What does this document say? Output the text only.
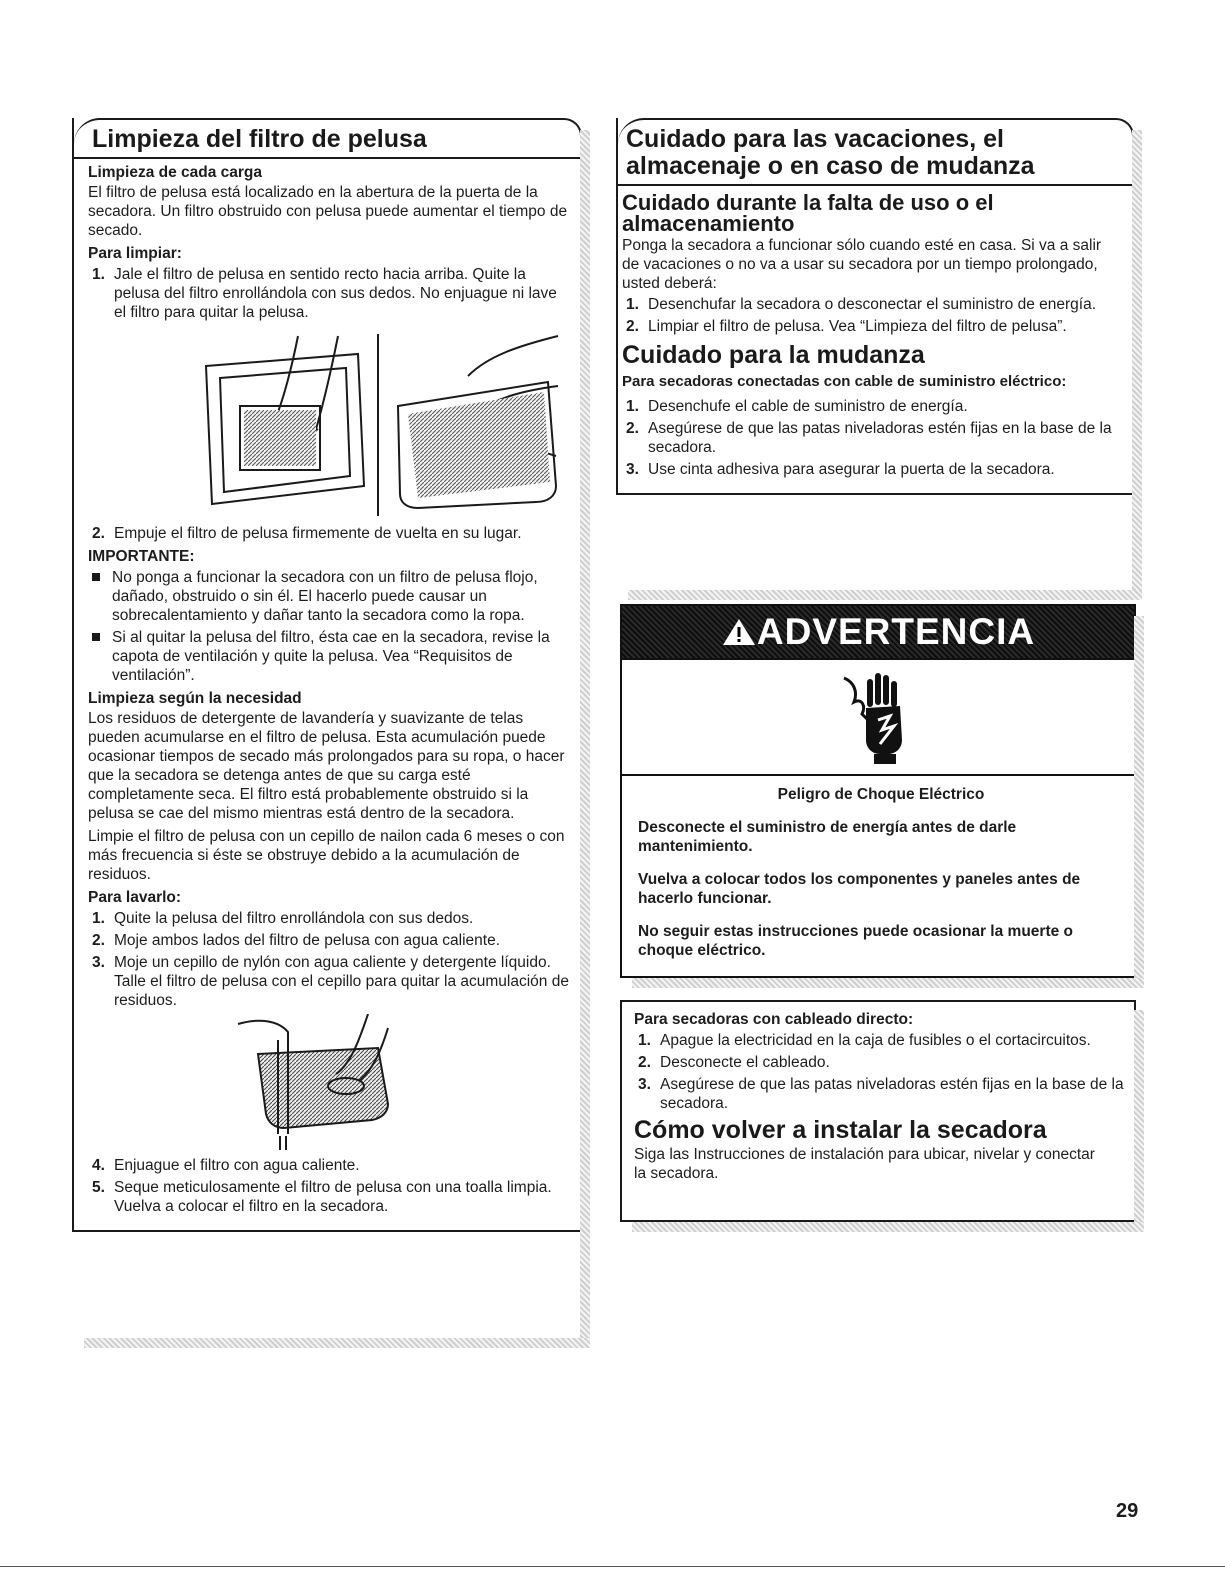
Limpieza del filtro de pelusa
Limpieza de cada carga

El filtro de pelusa está localizado en la abertura de la puerta de la secadora. Un filtro obstruido con pelusa puede aumentar el tiempo de secado.

Para limpiar:
1. Jale el filtro de pelusa en sentido recto hacia arriba. Quite la pelusa del filtro enrollándola con sus dedos. No enjuague ni lave el filtro para quitar la pelusa.
2. Empuje el filtro de pelusa firmemente de vuelta en su lugar.
IMPORTANTE:
No ponga a funcionar la secadora con un filtro de pelusa flojo, dañado, obstruido o sin él. El hacerlo puede causar un sobrecalentamiento y dañar tanto la secadora como la ropa.
Si al quitar la pelusa del filtro, ésta cae en la secadora, revise la capota de ventilación y quite la pelusa. Vea “Requisitos de ventilación”.
Limpieza según la necesidad

Los residuos de detergente de lavandería y suavizante de telas pueden acumularse en el filtro de pelusa. Esta acumulación puede ocasionar tiempos de secado más prolongados para su ropa, o hacer que la secadora se detenga antes de que su carga esté completamente seca. El filtro está probablemente obstruido si la pelusa se cae del mismo mientras está dentro de la secadora.

Limpie el filtro de pelusa con un cepillo de nailon cada 6 meses o con más frecuencia si éste se obstruye debido a la acumulación de residuos.

Para lavarlo:
1. Quite la pelusa del filtro enrollándola con sus dedos.
2. Moje ambos lados del filtro de pelusa con agua caliente.
3. Moje un cepillo de nylón con agua caliente y detergente líquido. Talle el filtro de pelusa con el cepillo para quitar la acumulación de residuos.
4. Enjuague el filtro con agua caliente.
5. Seque meticulosamente el filtro de pelusa con una toalla limpia. Vuelva a colocar el filtro en la secadora.
Cuidado para las vacaciones, el almacenaje o en caso de mudanza
Cuidado durante la falta de uso o el almacenamiento

Ponga la secadora a funcionar sólo cuando esté en casa. Si va a salir de vacaciones o no va a usar su secadora por un tiempo prolongado, usted deberá:

1. Desenchufar la secadora o desconectar el suministro de energía.
2. Limpiar el filtro de pelusa. Vea “Limpieza del filtro de pelusa”.
Cuidado para la mudanza
Para secadoras conectadas con cable de suministro eléctrico:
1. Desenchufe el cable de suministro de energía.
2. Asegúrese de que las patas niveladoras estén fijas en la base de la secadora.
3. Use cinta adhesiva para asegurar la puerta de la secadora.
ADVERTENCIA
Peligro de Choque Eléctrico

Desconecte el suministro de energía antes de darle mantenimiento.

Vuelva a colocar todos los componentes y paneles antes de hacerlo funcionar.

No seguir estas instrucciones puede ocasionar la muerte o choque eléctrico.

Para secadoras con cableado directo:
1. Apague la electricidad en la caja de fusibles o el cortacircuitos.
2. Desconecte el cableado.
3. Asegúrese de que las patas niveladoras estén fijas en la base de la secadora.
Cómo volver a instalar la secadora

Siga las Instrucciones de instalación para ubicar, nivelar y conectar la secadora.

29
